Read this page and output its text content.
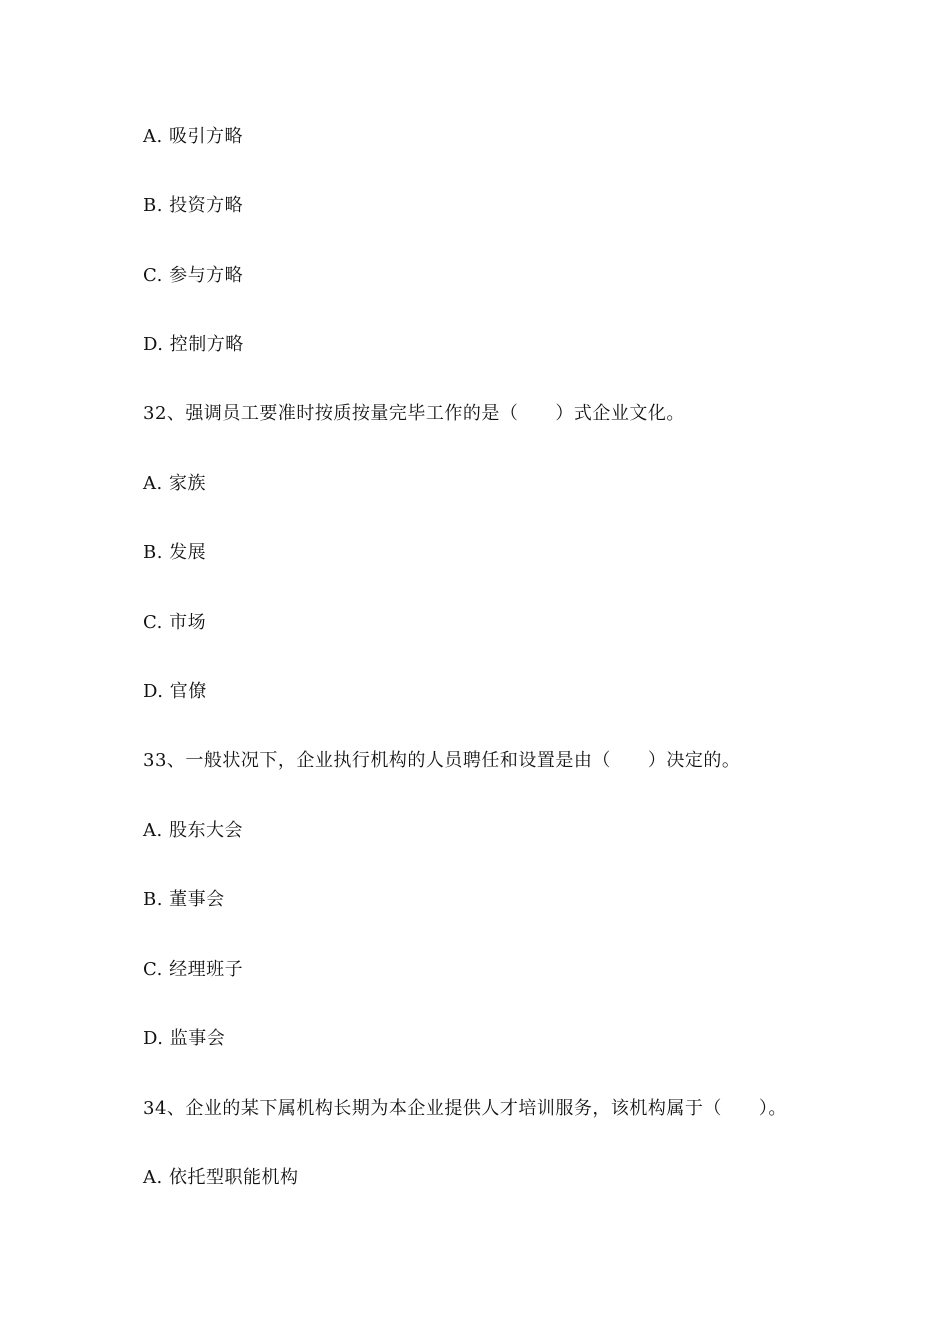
A. 吸引方略
B. 投资方略
C. 参与方略
D. 控制方略
32、强调员工要准时按质按量完毕工作的是（　　）式企业文化。
A. 家族
B. 发展
C. 市场
D. 官僚
33、一般状况下，企业执行机构的人员聘任和设置是由（　　）决定的。
A. 股东大会
B. 董事会
C. 经理班子
D. 监事会
34、企业的某下属机构长期为本企业提供人才培训服务，该机构属于（　　）。
A. 依托型职能机构
